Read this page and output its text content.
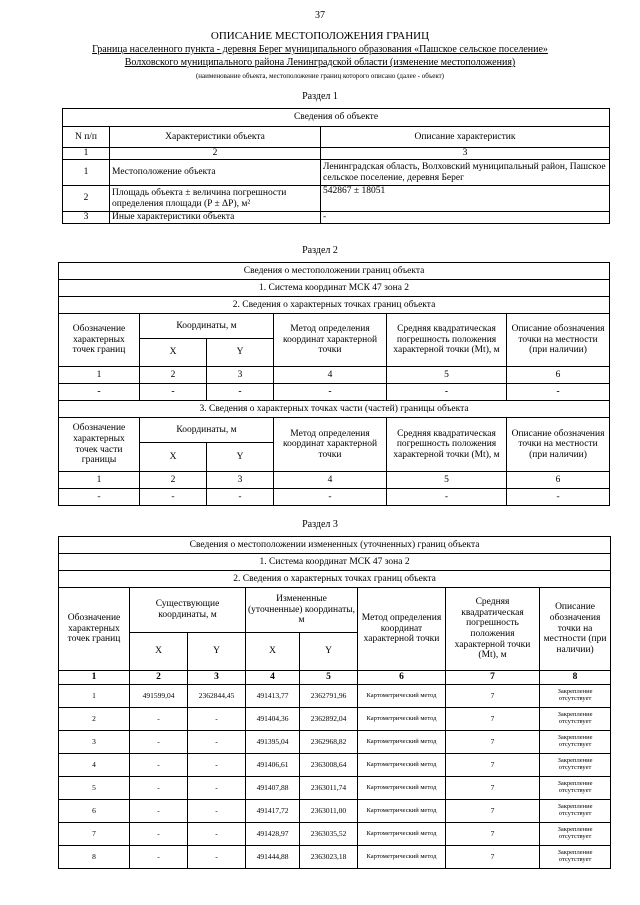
37
ОПИСАНИЕ МЕСТОПОЛОЖЕНИЯ ГРАНИЦ
Граница населенного пункта - деревня Берег муниципального образования «Пашское сельское поселение»
Волховского муниципального района Ленинградской области (изменение местоположения)
(наименование объекта, местоположение границ которого описано (далее - объект)
Раздел 1
Сведения об объекте		
N п/п	Характеристики объекта	Описание характеристик
1	2	3
1	Местоположение объекта	Ленинградская область, Волховский муниципальный район, Пашское сельское поселение, деревня Берег
2	Площадь объекта ± величина погрешности определения площади (P ± ΔP), м²	542867 ± 18051
3	Иные характеристики объекта	-
Раздел 2
Сведения о местоположении границ объекта					
1. Система координат МСК 47 зона 2					
2. Сведения о характерных точках границ объекта					
Обозначение характерных точек границ	Координаты, м		Метод определения координат характерной точки	Средняя квадратическая погрешность положения характерной точки (Mt), м	Описание обозначения точки на местности (при наличии)
	X	Y			
1	2	3	4	5	6
-	-	-	-	-	-
3. Сведения о характерных точках части (частей) границы объекта					
Обозначение характерных точек части границы	Координаты, м		Метод определения координат характерной точки	Средняя квадратическая погрешность положения характерной точки (Mt), м	Описание обозначения точки на местности (при наличии)
	X	Y			
1	2	3	4	5	6
-	-	-	-	-	-
Раздел 3
Сведения о местоположении измененных (уточненных) границ объекта							
1. Система координат МСК 47 зона 2							
2. Сведения о характерных точках границ объекта							
Обозначение характерных точек границ	Существующие координаты, м		Измененные (уточненные) координаты, м		Метод определения координат характерной точки	Средняя квадратическая погрешность положения характерной точки (Mt), м	Описание обозначения точки на местности (при наличии)
	X	Y	X	Y			
1	2	3	4	5	6	7	8
1	491599,04	2362844,45	491413,77	2362791,96	Картометрический метод	7	Закрепление отсутствует
2	-	-	491404,36	2362892,04	Картометрический метод	7	Закрепление отсутствует
3	-	-	491395,04	2362968,82	Картометрический метод	7	Закрепление отсутствует
4	-	-	491406,61	2363008,64	Картометрический метод	7	Закрепление отсутствует
5	-	-	491407,88	2363011,74	Картометрический метод	7	Закрепление отсутствует
6	-	-	491417,72	2363011,00	Картометрический метод	7	Закрепление отсутствует
7	-	-	491428,97	2363035,52	Картометрический метод	7	Закрепление отсутствует
8	-	-	491444,88	2363023,18	Картометрический метод	7	Закрепление отсутствует
